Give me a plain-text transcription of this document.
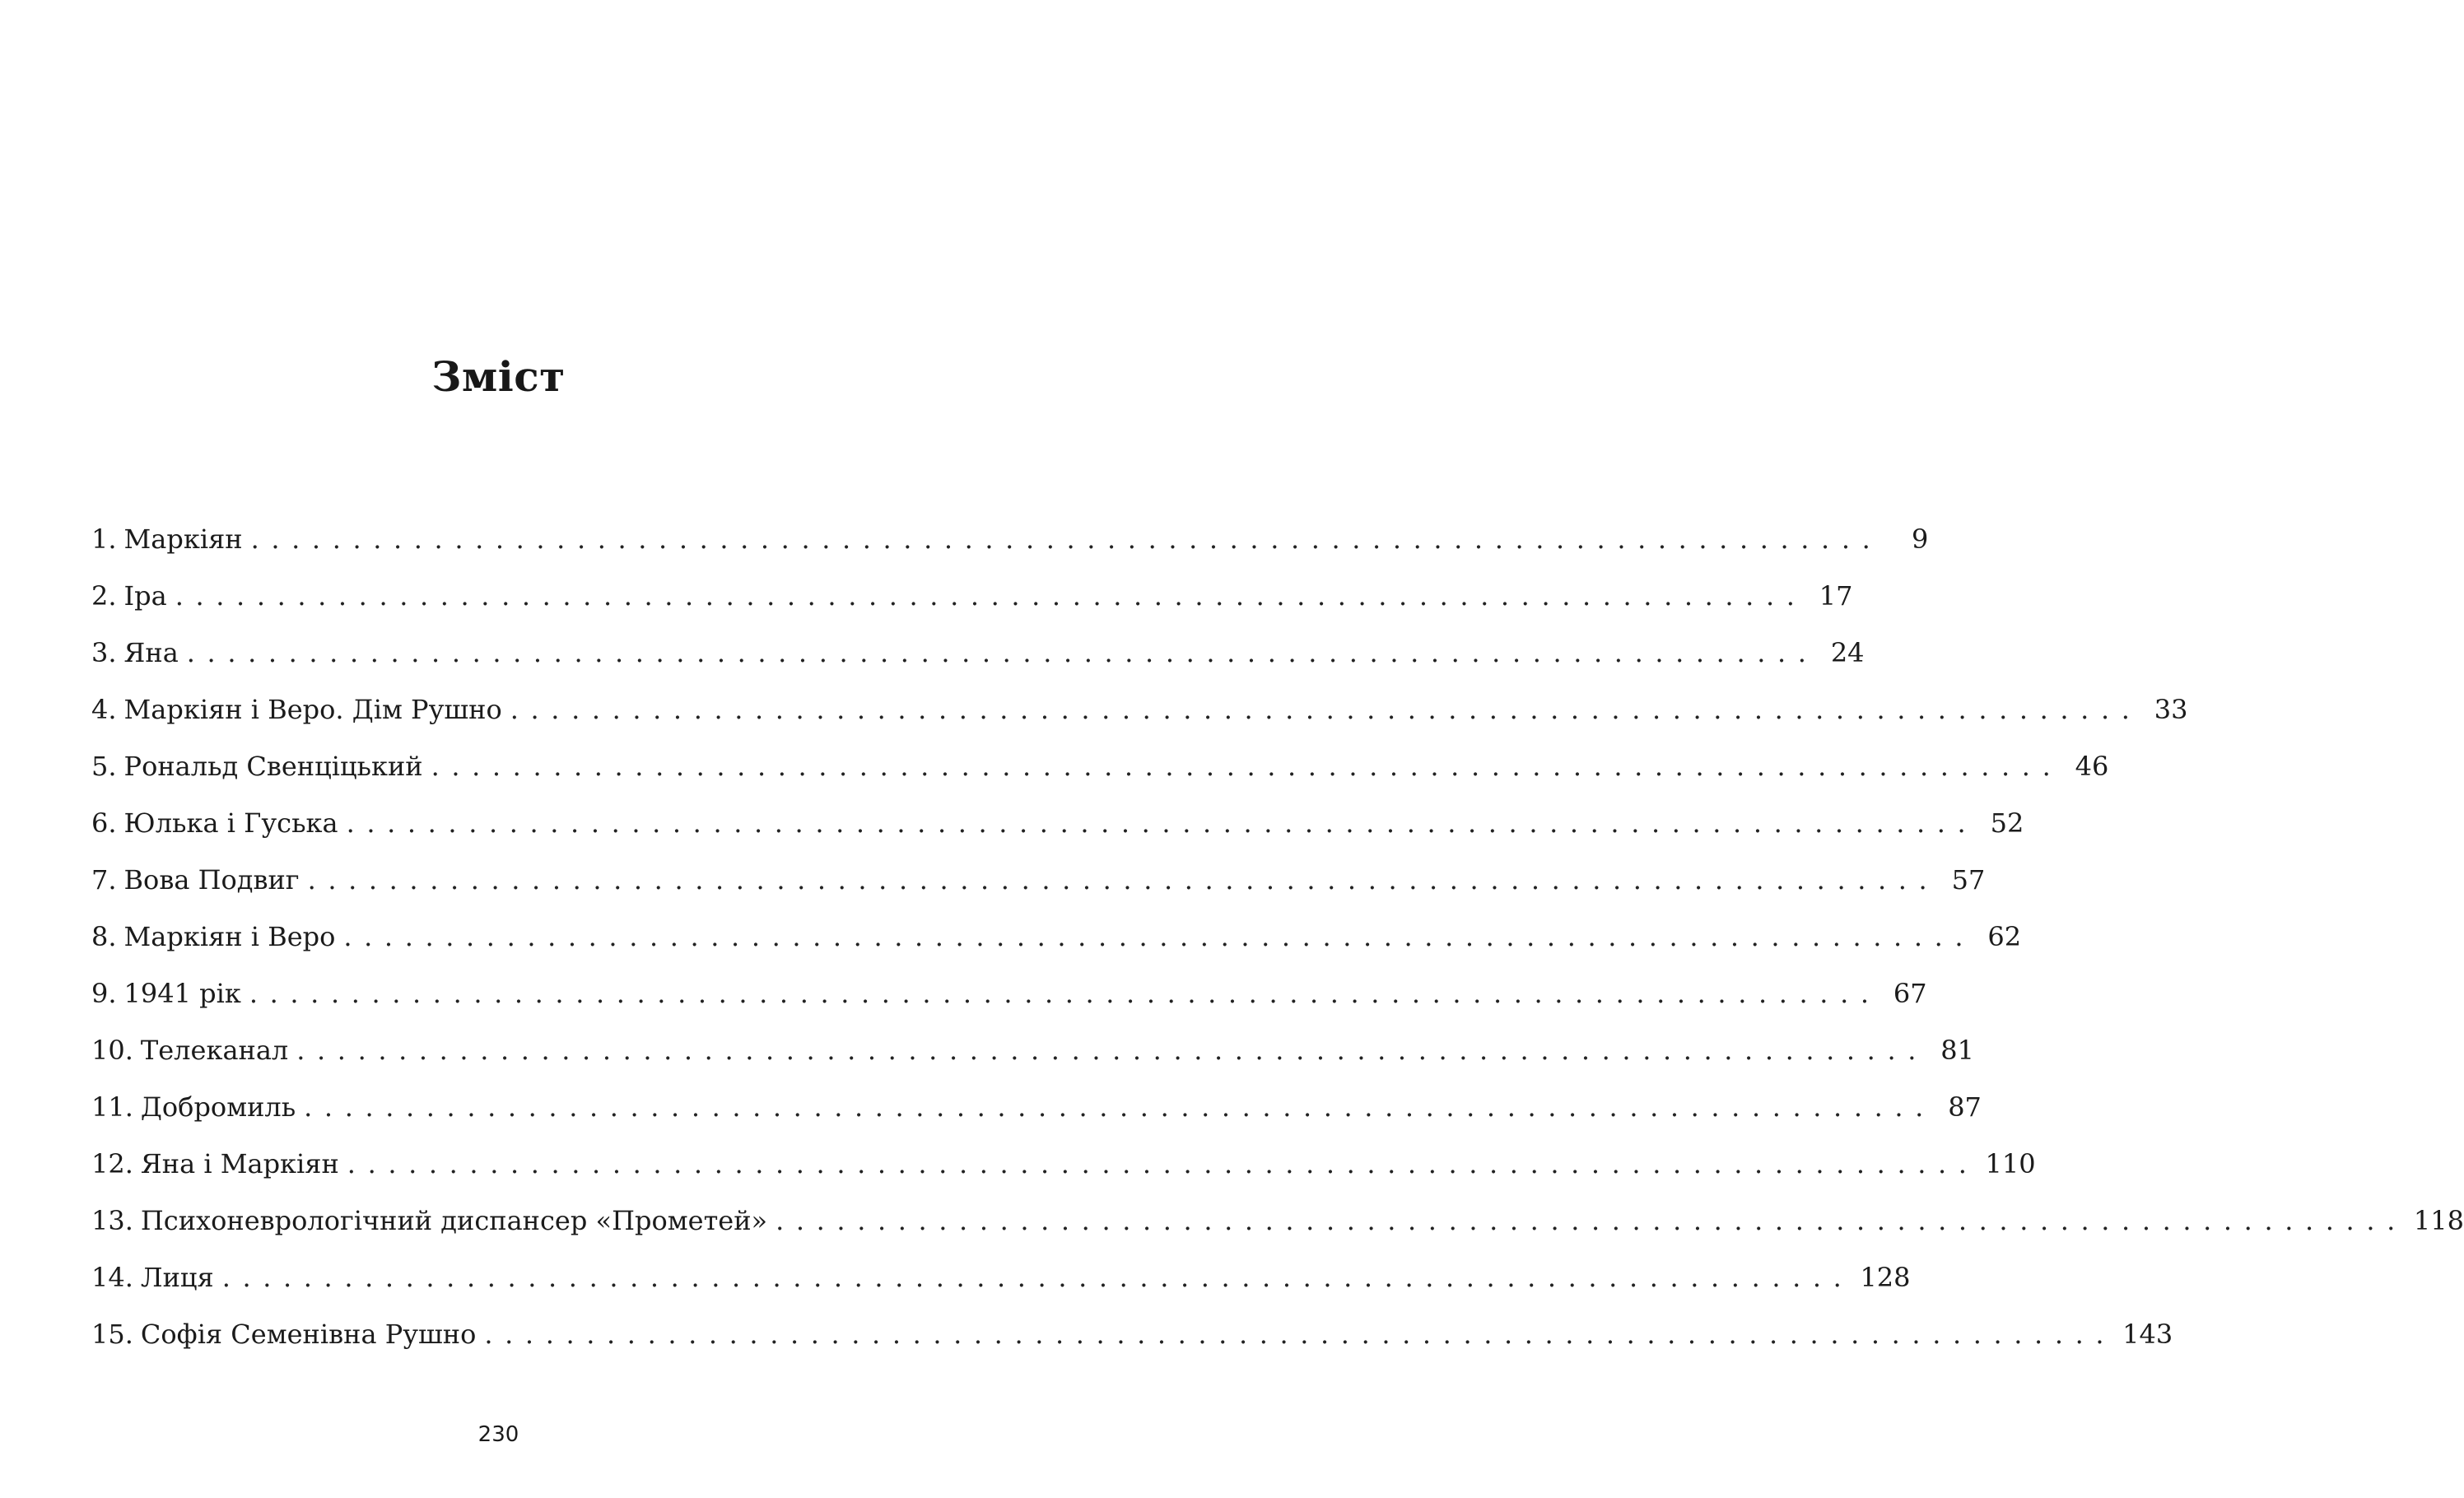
Зміст
1. Маркіян ................................................................................	9
2. Іра ................................................................................ 17
3. Яна ................................................................................ 24
4. Маркіян і Веро. Дім Рушно ................................................................................ 33
5. Рональд Свенціцький ................................................................................ 46
6. Юлька і Гуська ................................................................................ 52
7. Вова Подвиг ................................................................................ 57
8. Маркіян і Веро ................................................................................ 62
9. 1941 рік ................................................................................ 67
10. Телеканал ................................................................................ 81
11. Добромиль ................................................................................ 87
12. Яна і Маркіян ................................................................................ 110
13. Психоневрологічний диспансер «Прометей» ................................................................................ 118
14. Лиця ................................................................................ 128
15. Софія Семенівна Рушно ................................................................................ 143
230
